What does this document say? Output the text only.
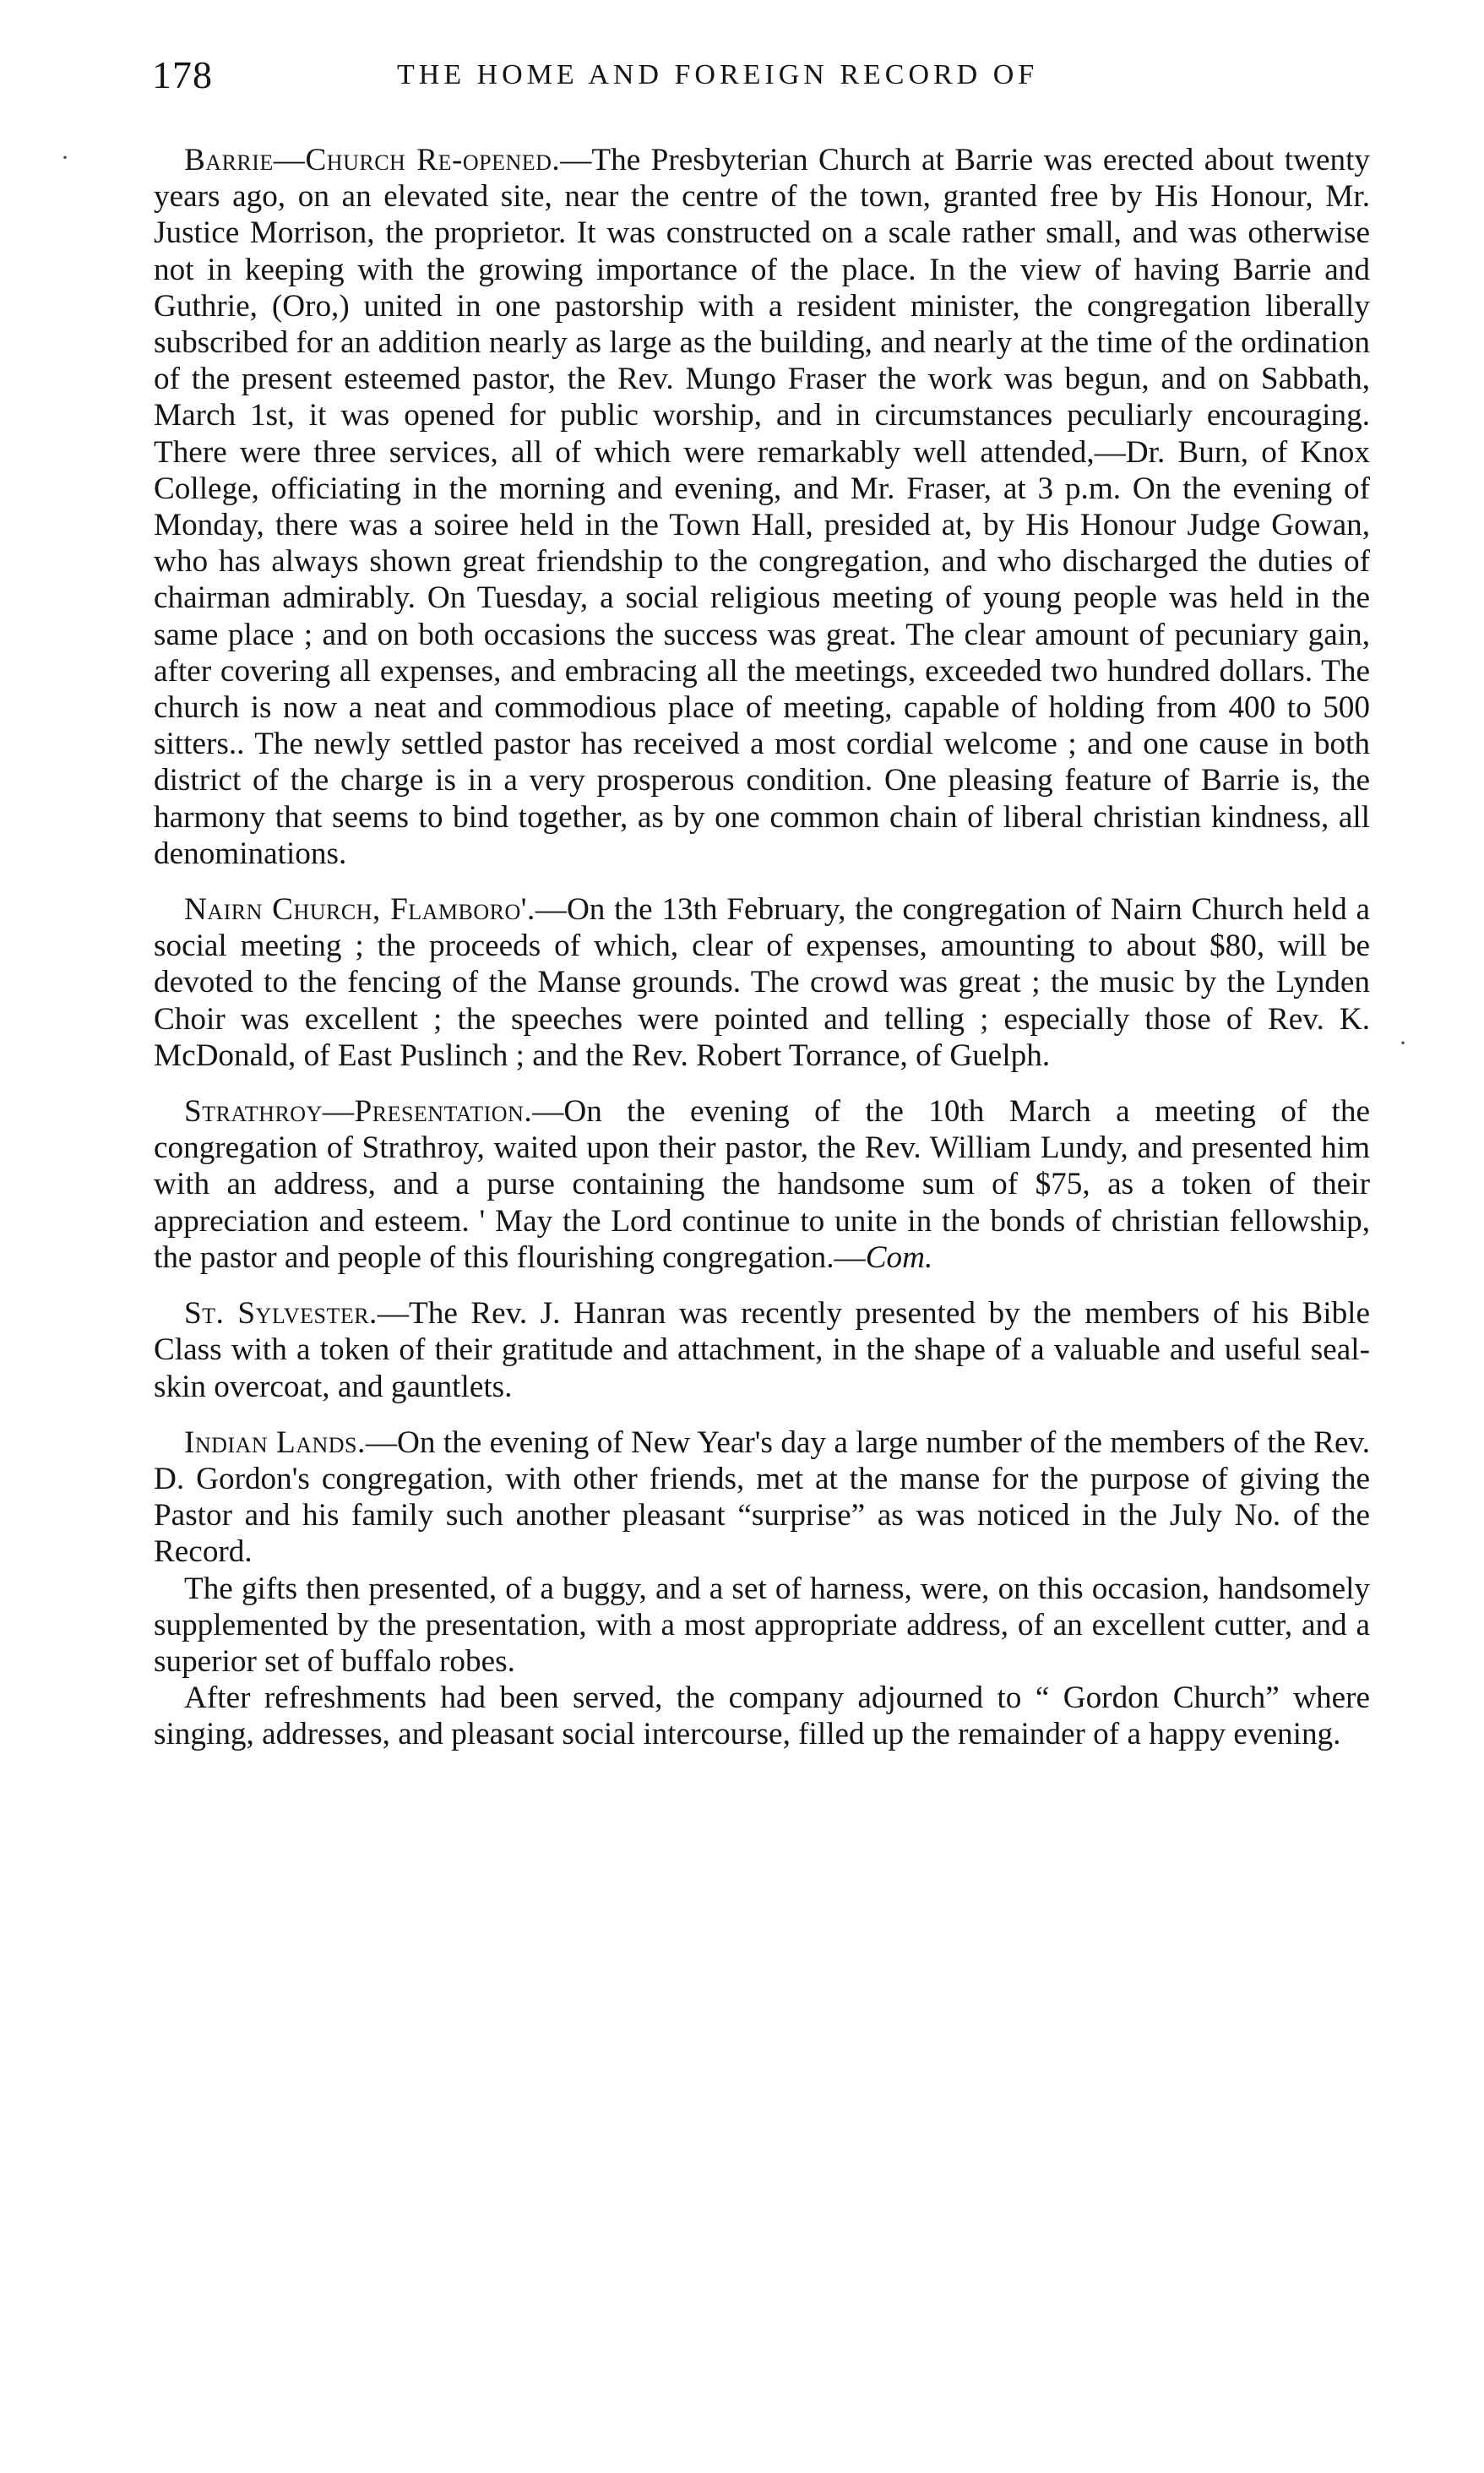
·
·
178	THE HOME AND FOREIGN RECORD OF

Barrie—Church Re-opened.—The Presbyterian Church at Barrie was erected about twenty years ago, on an elevated site, near the centre of the town, granted free by His Honour, Mr. Justice Morrison, the proprietor. It was constructed on a scale rather small, and was otherwise not in keeping with the growing importance of the place. In the view of having Barrie and Guthrie, (Oro,) united in one pastorship with a resident minister, the congregation liberally subscribed for an addition nearly as large as the building, and nearly at the time of the ordination of the present esteemed pastor, the Rev. Mungo Fraser the work was begun, and on Sabbath, March 1st, it was opened for public worship, and in circumstances peculiarly encouraging. There were three services, all of which were remarkably well attended,—Dr. Burn, of Knox College, officiating in the morning and evening, and Mr. Fraser, at 3 p.m. On the evening of Monday, there was a soiree held in the Town Hall, presided at, by His Honour Judge Gowan, who has always shown great friendship to the congregation, and who discharged the duties of chairman admirably. On Tuesday, a social religious meeting of young people was held in the same place ; and on both occasions the success was great. The clear amount of pecuniary gain, after covering all expenses, and embracing all the meetings, exceeded two hundred dollars. The church is now a neat and commodious place of meeting, capable of holding from 400 to 500 sitters.. The newly settled pastor has received a most cordial welcome ; and one cause in both district of the charge is in a very prosperous condition. One pleasing feature of Barrie is, the harmony that seems to bind together, as by one common chain of liberal christian kindness, all denominations.

Nairn Church, Flamboro'.—On the 13th February, the congregation of Nairn Church held a social meeting ; the proceeds of which, clear of expenses, amounting to about $80, will be devoted to the fencing of the Manse grounds. The crowd was great ; the music by the Lynden Choir was excellent ; the speeches were pointed and telling ; especially those of Rev. K. McDonald, of East Puslinch ; and the Rev. Robert Torrance, of Guelph.

Strathroy—Presentation.—On the evening of the 10th March a meeting of the congregation of Strathroy, waited upon their pastor, the Rev. William Lundy, and presented him with an address, and a purse containing the handsome sum of $75, as a token of their appreciation and esteem. ' May the Lord continue to unite in the bonds of christian fellowship, the pastor and people of this flourishing congregation.—Com.

St. Sylvester.—The Rev. J. Hanran was recently presented by the members of his Bible Class with a token of their gratitude and attachment, in the shape of a valuable and useful seal-skin overcoat, and gauntlets.

Indian Lands.—On the evening of New Year's day a large number of the members of the Rev. D. Gordon's congregation, with other friends, met at the manse for the purpose of giving the Pastor and his family such another pleasant “surprise” as was noticed in the July No. of the Record.

The gifts then presented, of a buggy, and a set of harness, were, on this occasion, handsomely supplemented by the presentation, with a most appropriate address, of an excellent cutter, and a superior set of buffalo robes.

After refreshments had been served, the company adjourned to “ Gordon Church” where singing, addresses, and pleasant social intercourse, filled up the remainder of a happy evening.
